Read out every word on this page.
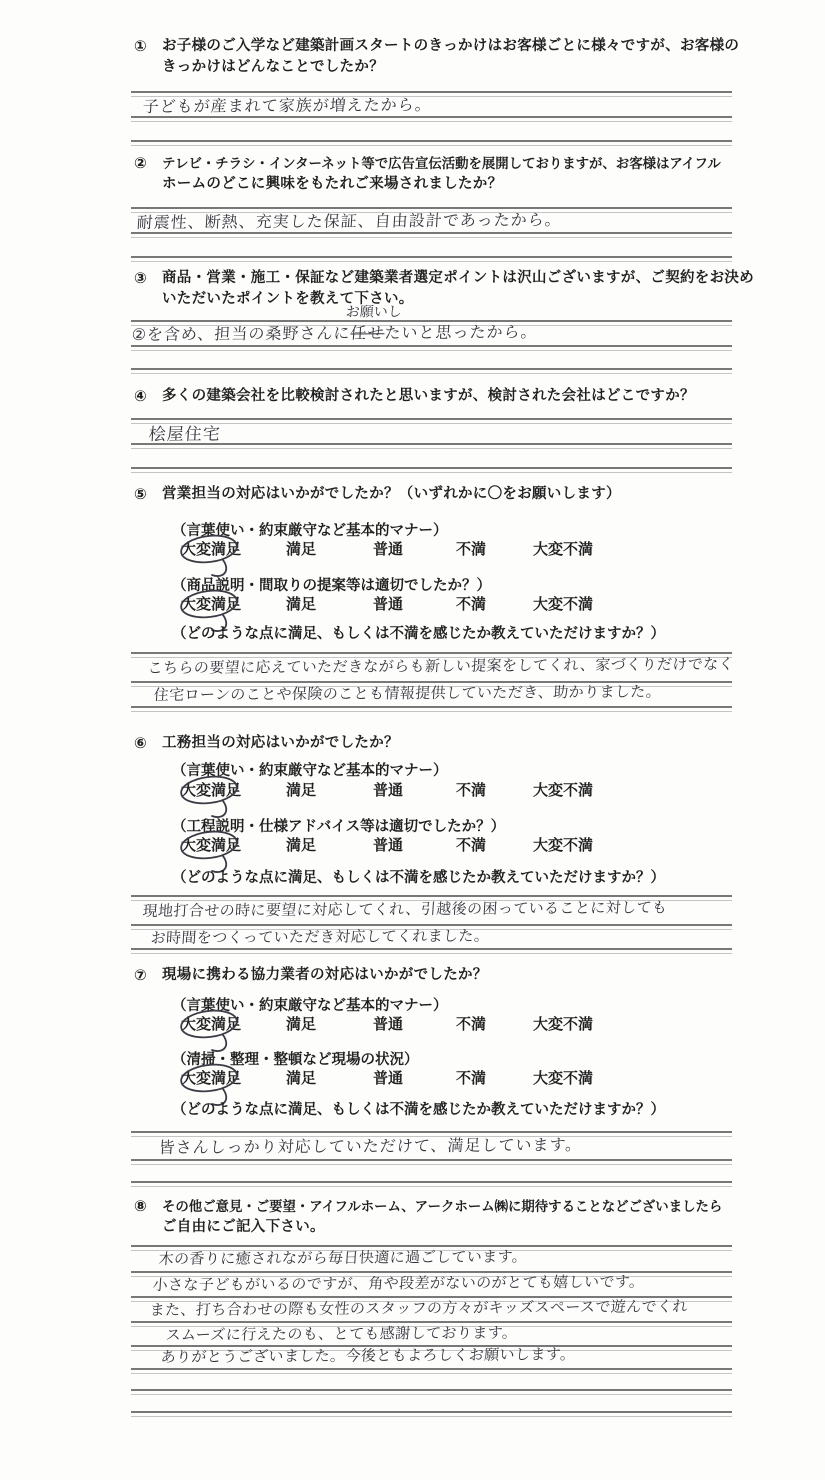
①	お子様のご入学など建築計画スタートのきっかけはお客様ごとに様々ですが、お客様の
きっかけはどんなことでしたか？
子どもが産まれて家族が増えたから。
②	テレビ・チラシ・インターネット等で広告宣伝活動を展開しておりますが、お客様はアイフル
ホームのどこに興味をもたれご来場されましたか？
耐震性、断熱、充実した保証、自由設計であったから。
③	商品・営業・施工・保証など建築業者選定ポイントは沢山ございますが、ご契約をお決め
いただいたポイントを教えて下さい。
②を含め、担当の桑野さんに
お願いし
任せたいと思ったから。
④	多くの建築会社を比較検討されたと思いますが、検討された会社はどこですか？
桧屋住宅
⑤	営業担当の対応はいかがでしたか？（いずれかに〇をお願いします）
（言葉使い・約束厳守など基本的マナー）
大変満足	満足	普通	不満	大変不満
（商品説明・間取りの提案等は適切でしたか？）
大変満足	満足	普通	不満	大変不満
（どのような点に満足、もしくは不満を感じたか教えていただけますか？）
こちらの要望に応えていただきながらも新しい提案をしてくれ、家づくりだけでなく
住宅ローンのことや保険のことも情報提供していただき、助かりました。
⑥	工務担当の対応はいかがでしたか？
（言葉使い・約束厳守など基本的マナー）
大変満足	満足	普通	不満	大変不満
（工程説明・仕様アドバイス等は適切でしたか？）
大変満足	満足	普通	不満	大変不満
（どのような点に満足、もしくは不満を感じたか教えていただけますか？）
現地打合せの時に要望に対応してくれ、引越後の困っていることに対しても
お時間をつくっていただき対応してくれました。
⑦	現場に携わる協力業者の対応はいかがでしたか？
（言葉使い・約束厳守など基本的マナー）
大変満足	満足	普通	不満	大変不満
（清掃・整理・整頓など現場の状況）
大変満足	満足	普通	不満	大変不満
（どのような点に満足、もしくは不満を感じたか教えていただけますか？）
皆さんしっかり対応していただけて、満足しています。
⑧	その他ご意見・ご要望・アイフルホーム、アークホーム㈱に期待することなどございましたら
ご自由にご記入下さい。
木の香りに癒されながら毎日快適に過ごしています。
小さな子どもがいるのですが、角や段差がないのがとても嬉しいです。
また、打ち合わせの際も女性のスタッフの方々がキッズスペースで遊んでくれ
スムーズに行えたのも、とても感謝しております。
ありがとうございました。今後ともよろしくお願いします。
